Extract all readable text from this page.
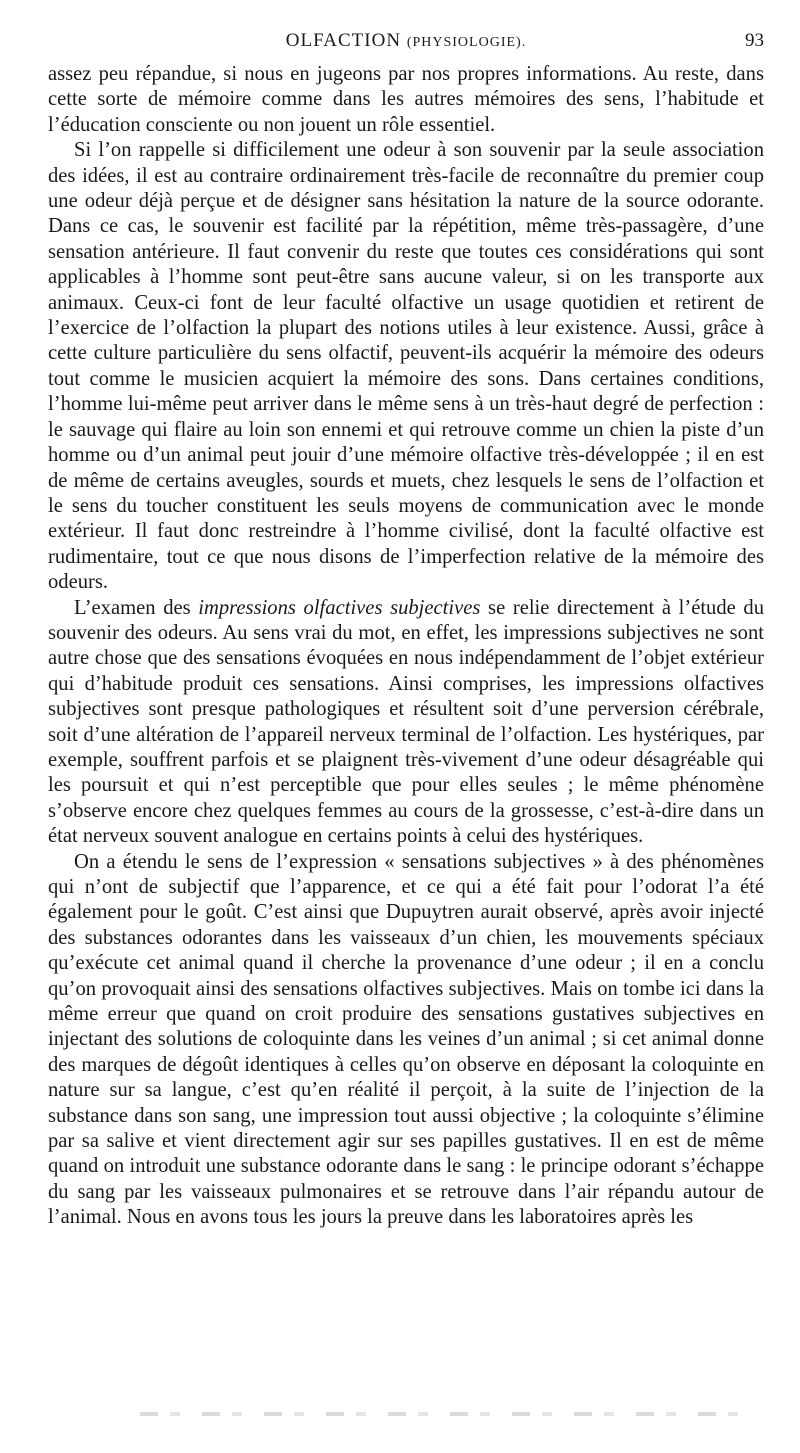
OLFACTION (PHYSIOLOGIE).	93

assez peu répandue, si nous en jugeons par nos propres informations. Au reste, dans cette sorte de mémoire comme dans les autres mémoires des sens, l’habitude et l’éducation consciente ou non jouent un rôle essentiel.

Si l’on rappelle si difficilement une odeur à son souvenir par la seule association des idées, il est au contraire ordinairement très-facile de reconnaître du premier coup une odeur déjà perçue et de désigner sans hésitation la nature de la source odorante. Dans ce cas, le souvenir est facilité par la répétition, même très-passagère, d’une sensation antérieure. Il faut convenir du reste que toutes ces considérations qui sont applicables à l’homme sont peut-être sans aucune valeur, si on les transporte aux animaux. Ceux-ci font de leur faculté olfactive un usage quotidien et retirent de l’exercice de l’olfaction la plupart des notions utiles à leur existence. Aussi, grâce à cette culture particulière du sens olfactif, peuvent-ils acquérir la mémoire des odeurs tout comme le musicien acquiert la mémoire des sons. Dans certaines conditions, l’homme lui-même peut arriver dans le même sens à un très-haut degré de perfection : le sauvage qui flaire au loin son ennemi et qui retrouve comme un chien la piste d’un homme ou d’un animal peut jouir d’une mémoire olfactive très-développée ; il en est de même de certains aveugles, sourds et muets, chez lesquels le sens de l’olfaction et le sens du toucher constituent les seuls moyens de communication avec le monde extérieur. Il faut donc restreindre à l’homme civilisé, dont la faculté olfactive est rudimentaire, tout ce que nous disons de l’imperfection relative de la mémoire des odeurs.

L’examen des impressions olfactives subjectives se relie directement à l’étude du souvenir des odeurs. Au sens vrai du mot, en effet, les impressions subjectives ne sont autre chose que des sensations évoquées en nous indépendamment de l’objet extérieur qui d’habitude produit ces sensations. Ainsi comprises, les impressions olfactives subjectives sont presque pathologiques et résultent soit d’une perversion cérébrale, soit d’une altération de l’appareil nerveux terminal de l’olfaction. Les hystériques, par exemple, souffrent parfois et se plaignent très-vivement d’une odeur désagréable qui les poursuit et qui n’est perceptible que pour elles seules ; le même phénomène s’observe encore chez quelques femmes au cours de la grossesse, c’est-à-dire dans un état nerveux souvent analogue en certains points à celui des hystériques.

On a étendu le sens de l’expression « sensations subjectives » à des phénomènes qui n’ont de subjectif que l’apparence, et ce qui a été fait pour l’odorat l’a été également pour le goût. C’est ainsi que Dupuytren aurait observé, après avoir injecté des substances odorantes dans les vaisseaux d’un chien, les mouvements spéciaux qu’exécute cet animal quand il cherche la provenance d’une odeur ; il en a conclu qu’on provoquait ainsi des sensations olfactives subjectives. Mais on tombe ici dans la même erreur que quand on croit produire des sensations gustatives subjectives en injectant des solutions de coloquinte dans les veines d’un animal ; si cet animal donne des marques de dégoût identiques à celles qu’on observe en déposant la coloquinte en nature sur sa langue, c’est qu’en réalité il perçoit, à la suite de l’injection de la substance dans son sang, une impression tout aussi objective ; la coloquinte s’élimine par sa salive et vient directement agir sur ses papilles gustatives. Il en est de même quand on introduit une substance odorante dans le sang : le principe odorant s’échappe du sang par les vaisseaux pulmonaires et se retrouve dans l’air répandu autour de l’animal. Nous en avons tous les jours la preuve dans les laboratoires après les
